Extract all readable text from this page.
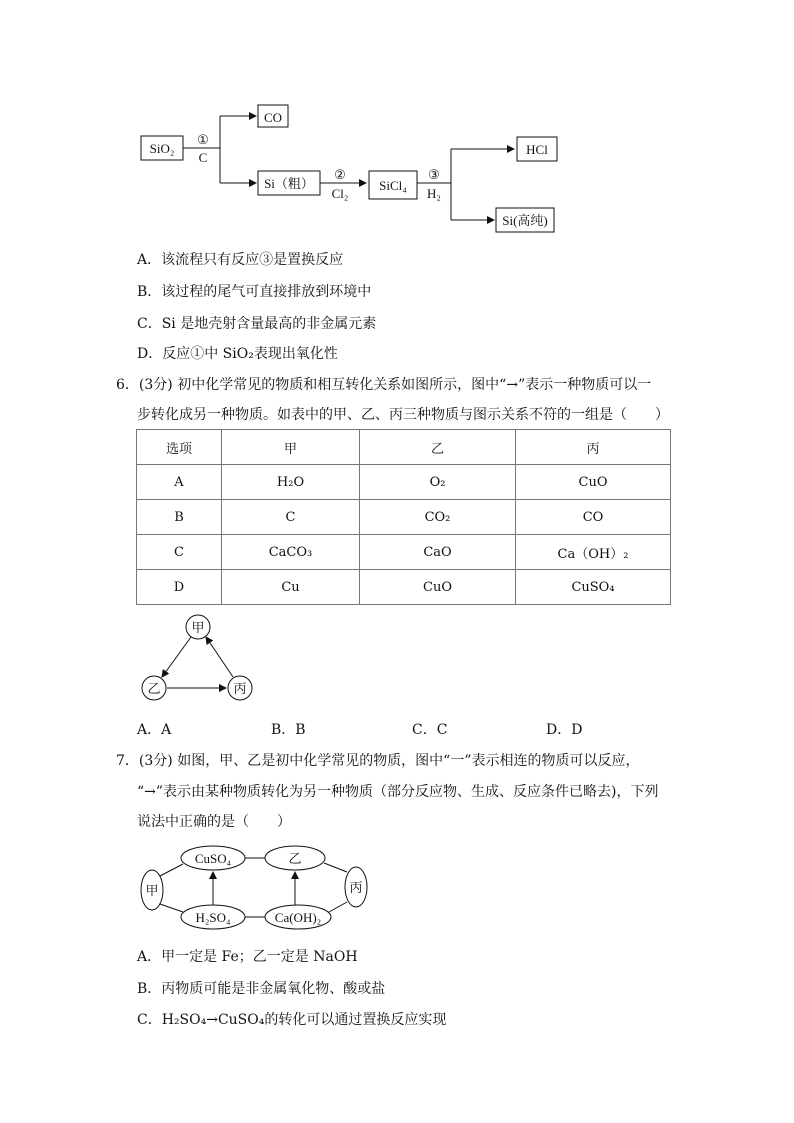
SiO₂
①
C
CO
Si（粗）
②
Cl₂
SiCl₄
③
H₂
HCl
Si(高纯)
A．该流程只有反应③是置换反应
B．该过程的尾气可直接排放到环境中
C．Si 是地壳射含量最高的非金属元素
D．反应①中 SiO₂表现出氧化性
6．(3分) 初中化学常见的物质和相互转化关系如图所示，图中“→”表示一种物质可以一
步转化成另一种物质。如表中的甲、乙、丙三种物质与图示关系不符的一组是（　　）
选项	甲	乙	丙
A	H₂O	O₂	CuO
B	C	CO₂	CO
C	CaCO₃	CaO	Ca（OH）₂
D	Cu	CuO	CuSO₄
甲
乙	丙
A．A	B．B	C．C	D．D
7．(3分) 如图，甲、乙是初中化学常见的物质，图中“一”表示相连的物质可以反应，
“→”表示由某种物质转化为另一种物质（部分反应物、生成、反应条件已略去)，下列
说法中正确的是（　　）
CuSO₄	乙
甲	丙
H₂SO₄	Ca(OH)₂
A．甲一定是 Fe；乙一定是 NaOH
B．丙物质可能是非金属氧化物、酸或盐
C．H₂SO₄→CuSO₄的转化可以通过置换反应实现
